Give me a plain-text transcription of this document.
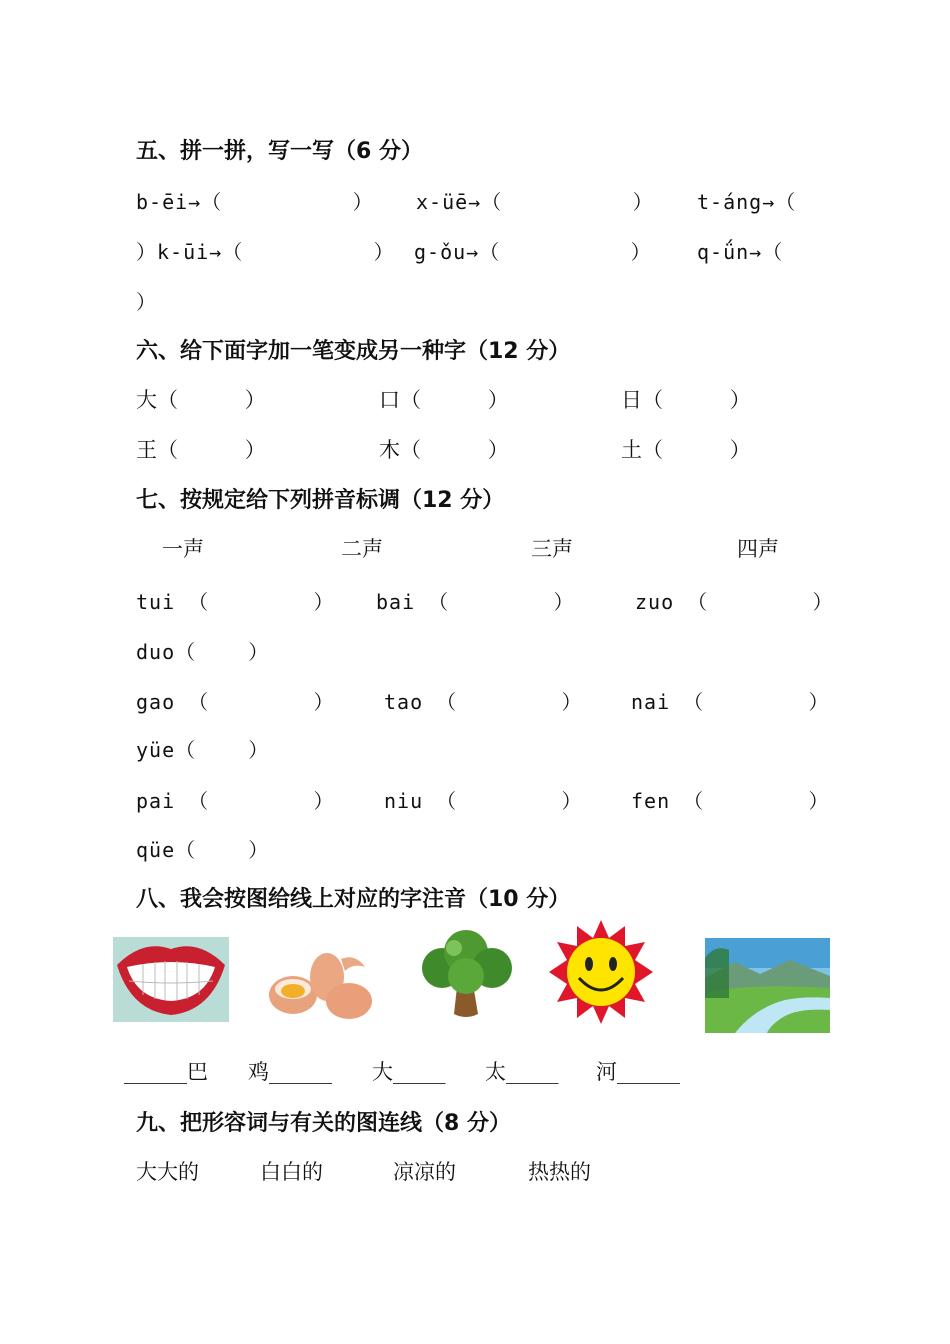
五、拼一拼，写一写（6 分）
b-ēi→（          ） x-üē→（          ） t-áng→（
）k-ūi→（          ） g-ǒu→（          ） q-ǘn→（
）
六、给下面字加一笔变成另一种字（12 分）
大（          ）	口（          ）	日（          ）
王（          ）	木（          ）	土（          ）
七、按规定给下列拼音标调（12 分）
一声	二声	三声	四声
tui （        ） bai （        ）	zuo （        ）
duo（    ）
gao （        ） tao （        ） nai （        ）
yüe（    ）
pai （        ） niu （        ） fen （        ）
qüe（    ）
八、我会按图给线上对应的字注音（10 分）
______巴 鸡______ 大_____ 太_____ 河______
九、把形容词与有关的图连线（8 分）
大大的	白白的	凉凉的	热热的
